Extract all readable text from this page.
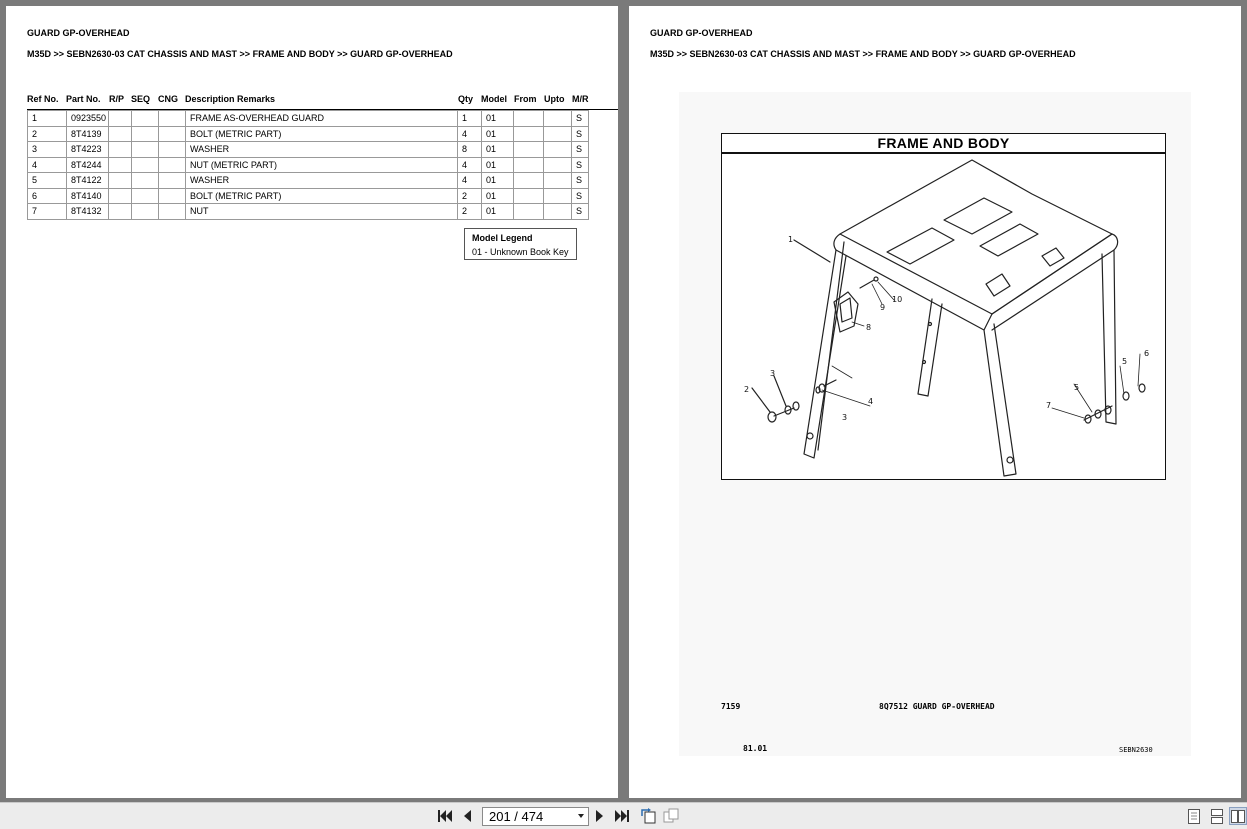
GUARD GP-OVERHEAD
M35D >> SEBN2630-03 CAT CHASSIS AND MAST >> FRAME AND BODY >> GUARD GP-OVERHEAD
Ref No. Part No. R/P SEQ CNG Description Remarks	Qty Model From Upto M/R
1	0923550				FRAME AS-OVERHEAD GUARD	1	01			S
2	8T4139				BOLT (METRIC PART)	4	01			S
3	8T4223				WASHER	8	01			S
4	8T4244				NUT (METRIC PART)	4	01			S
5	8T4122				WASHER	4	01			S
6	8T4140				BOLT (METRIC PART)	2	01			S
7	8T4132				NUT	2	01			S
Model Legend
01 - Unknown Book Key
GUARD GP-OVERHEAD
M35D >> SEBN2630-03 CAT CHASSIS AND MAST >> FRAME AND BODY >> GUARD GP-OVERHEAD
FRAME AND BODY
1
2
3
3
4
5
5
6
7
8
9
10
7159	8Q7512 GUARD GP-OVERHEAD
81.01	SEBN2630
201 / 474
